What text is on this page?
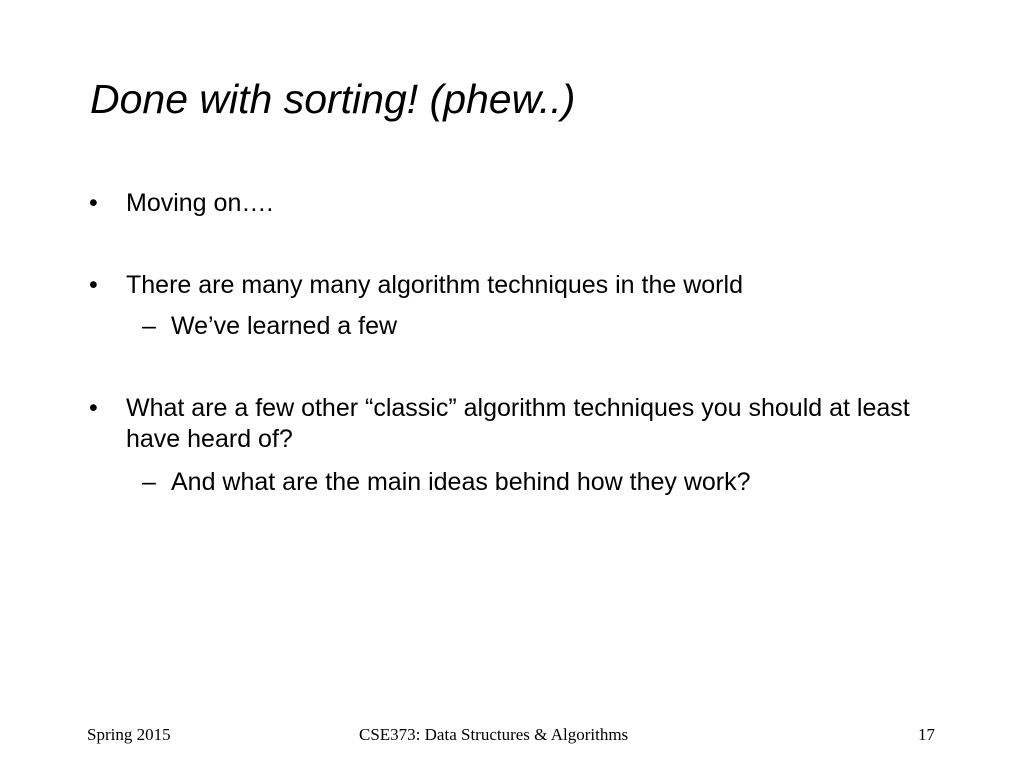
Done with sorting! (phew..)
• Moving on….
• There are many many algorithm techniques in the world
– We’ve learned a few
• What are a few other “classic” algorithm techniques you should at least have heard of?
– And what are the main ideas behind how they work?
Spring 2015	CSE373: Data Structures & Algorithms	17
